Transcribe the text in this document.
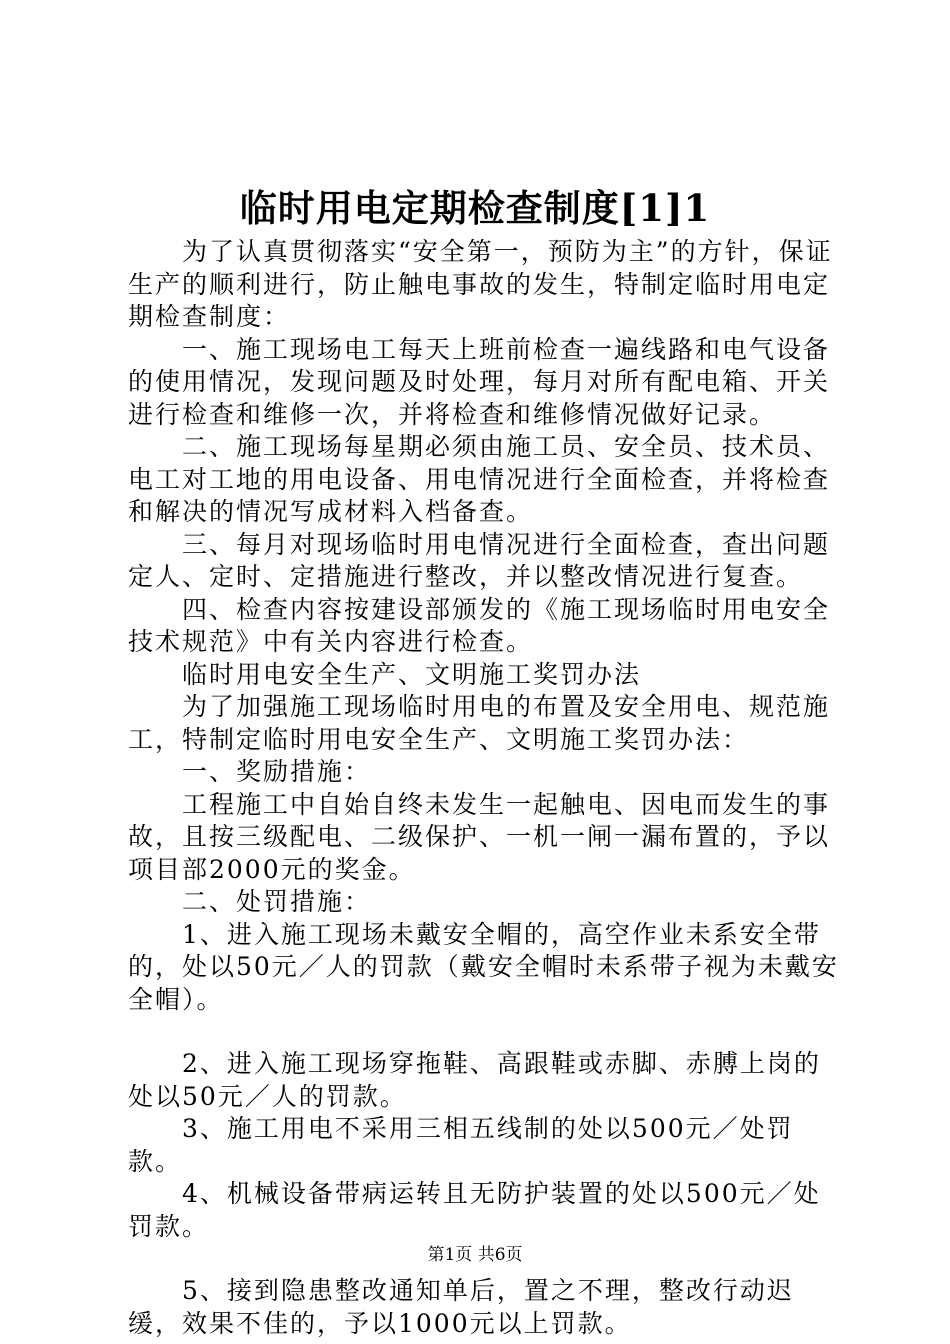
临时用电定期检查制度[1]1

为了认真贯彻落实“安全第一，预防为主”的方针，保证生产的顺利进行，防止触电事故的发生，特制定临时用电定期检查制度：

一、施工现场电工每天上班前检查一遍线路和电气设备的使用情况，发现问题及时处理，每月对所有配电箱、开关进行检查和维修一次，并将检查和维修情况做好记录。

二、施工现场每星期必须由施工员、安全员、技术员、电工对工地的用电设备、用电情况进行全面检查，并将检查和解决的情况写成材料入档备查。

三、每月对现场临时用电情况进行全面检查，查出问题定人、定时、定措施进行整改，并以整改情况进行复查。

四、检查内容按建设部颁发的《施工现场临时用电安全技术规范》中有关内容进行检查。

临时用电安全生产、文明施工奖罚办法

为了加强施工现场临时用电的布置及安全用电、规范施工，特制定临时用电安全生产、文明施工奖罚办法：

一、奖励措施：

工程施工中自始自终未发生一起触电、因电而发生的事故，且按三级配电、二级保护、一机一闸一漏布置的，予以项目部2000元的奖金。

二、处罚措施：

1、进入施工现场未戴安全帽的，高空作业未系安全带的，处以50元／人的罚款（戴安全帽时未系带子视为未戴安全帽）。

2、进入施工现场穿拖鞋、高跟鞋或赤脚、赤膊上岗的处以50元／人的罚款。

3、施工用电不采用三相五线制的处以500元／处罚款。

4、机械设备带病运转且无防护装置的处以500元／处罚款。

5、接到隐患整改通知单后，置之不理，整改行动迟缓，效果不佳的，予以1000元以上罚款。

第1页 共6页
